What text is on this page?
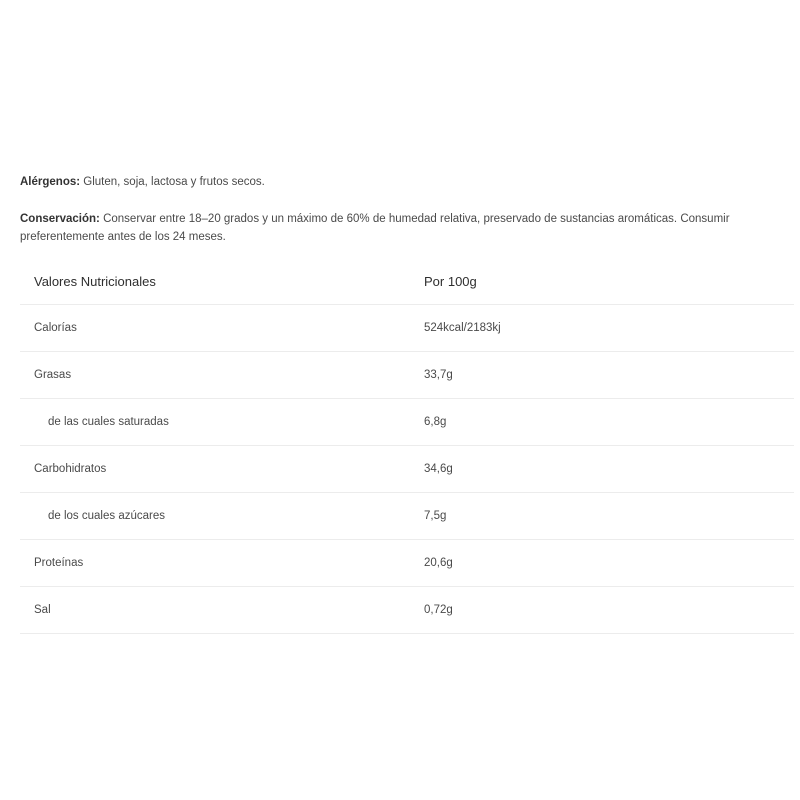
Alérgenos: Gluten, soja, lactosa y frutos secos.

Conservación: Conservar entre 18–20 grados y un máximo de 60% de humedad relativa, preservado de sustancias aromáticas. Consumir preferentemente antes de los 24 meses.

Valores Nutricionales	Por 100g
Calorías	524kcal/2183kj
Grasas	33,7g
de las cuales saturadas	6,8g
Carbohidratos	34,6g
de los cuales azúcares	7,5g
Proteínas	20,6g
Sal	0,72g
